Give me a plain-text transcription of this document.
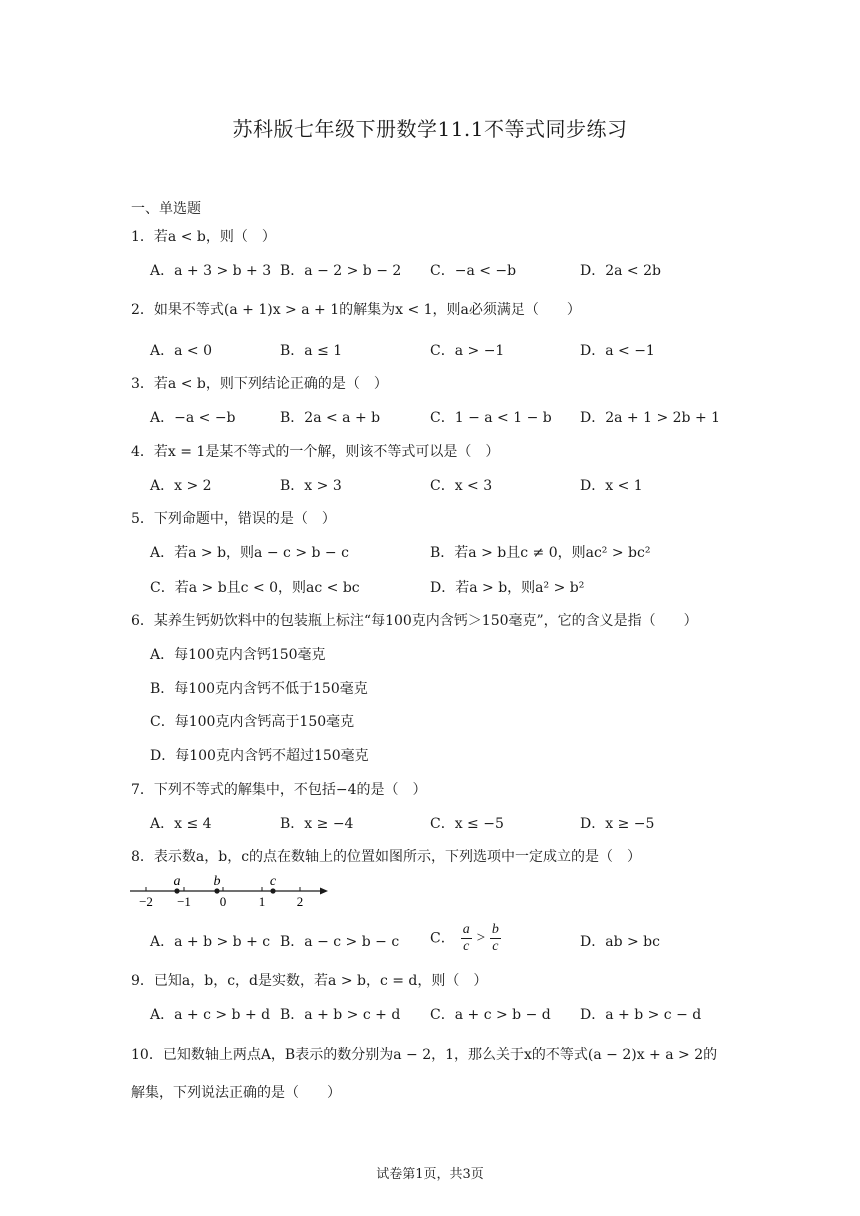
苏科版七年级下册数学11.1不等式同步练习
一、单选题
1．若a < b，则（　）
A．a + 3 > b + 3 B．a − 2 > b − 2 C．−a < −b	D．2a < 2b
2．如果不等式(a + 1)x > a + 1的解集为x < 1，则a必须满足（　　）
A．a < 0	B．a ≤ 1	C．a > −1	D．a < −1
3．若a < b，则下列结论正确的是（　）
A．−a < −b	B．2a < a + b	C．1 − a < 1 − b D．2a + 1 > 2b + 1
4．若x = 1是某不等式的一个解，则该不等式可以是（　）
A．x > 2	B．x > 3	C．x < 3	D．x < 1
5．下列命题中，错误的是（　）
A．若a > b，则a − c > b − c	B．若a > b且c ≠ 0，则ac² > bc²
C．若a > b且c < 0，则ac < bc	D．若a > b，则a² > b²
6．某养生钙奶饮料中的包装瓶上标注“每100克内含钙＞150毫克”，它的含义是指（　　）
A．每100克内含钙150毫克
B．每100克内含钙不低于150毫克
C．每100克内含钙高于150毫克
D．每100克内含钙不超过150毫克
7．下列不等式的解集中，不包括−4的是（　）
A．x ≤ 4	B．x ≥ −4	C．x ≤ −5	D．x ≥ −5
8．表示数a，b，c的点在数轴上的位置如图所示，下列选项中一定成立的是（　）
−2 −1 0	1 2
a b	c
A．a + b > b + c B．a − c > b − c C． $\frac{a}{c} > \frac{b}{c}$	D．ab > bc
9．已知a，b，c，d是实数，若a > b，c = d，则（　）
A．a + c > b + d B．a + b > c + d C．a + c > b − d D．a + b > c − d
10．已知数轴上两点A，B表示的数分别为a − 2，1，那么关于x的不等式(a − 2)x + a > 2的
解集，下列说法正确的是（　　）
试卷第1页，共3页
